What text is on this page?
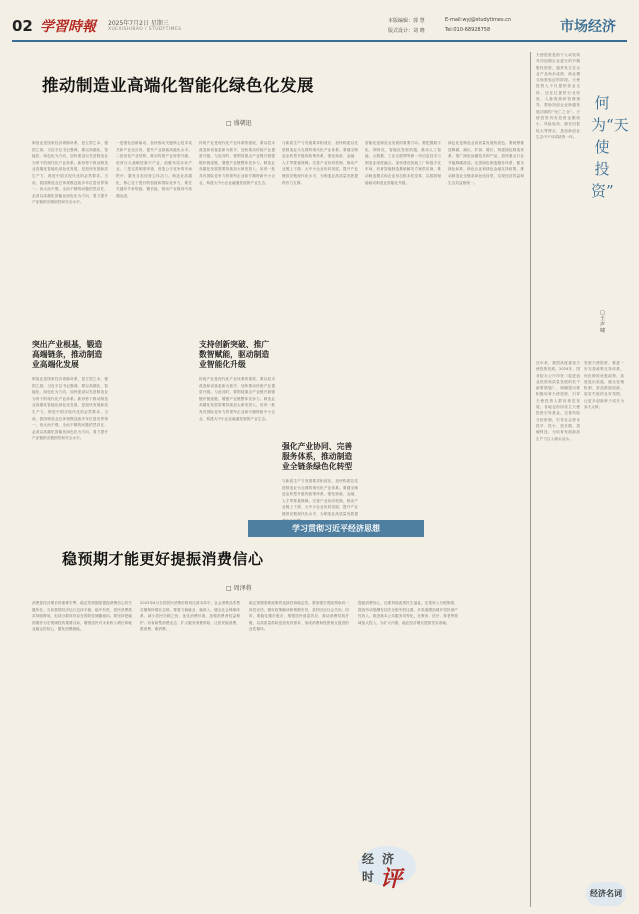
02 学習時報 2025年7月2日 星期三
XUEXISHIBAO / STUDYTIMES
本版编辑：郭 慧
版式设计：刘 晓
E-mail:wyj@studytimes.cn
Tel:010-68928758	市场经济
推动制造业高端化智能化绿色化发展
□ 盛朝迅
制造业是国家经济命脉所系，是立国之本、强国之基。习近平总书记强调，要以高端化、智能化、绿色化为方向，加快建设以先进制造业为骨干的现代化产业体系。新形势下推动制造业高端化智能化绿色化发展，是加快发展新质生产力、推进中国式现代化的必然要求。当前，我国制造业总体规模连续多年位居世界第一，但大而不强、全而不精的问题依然存在，必须以高端化智能化绿色化为方向，着力提升产业链供应链韧性和安全水平。
突出产业根基，锻造高端链条，推动制造业高端化发展
制造业是国家经济命脉所系，是立国之本、强国之基。习近平总书记强调，要以高端化、智能化、绿色化为方向，加快建设以先进制造业为骨干的现代化产业体系。新形势下推动制造业高端化智能化绿色化发展，是加快发展新质生产力、推进中国式现代化的必然要求。当前，我国制造业总体规模连续多年位居世界第一，但大而不强、全而不精的问题依然存在，必须以高端化智能化绿色化为方向，着力提升产业链供应链韧性和安全水平。
一是强化创新驱动，加快推动关键核心技术攻关和产业化应用，提升产业基础高级化水平。二是优化产业结构，推动传统产业转型升级，培育壮大战略性新兴产业，前瞻布局未来产业。三是完善制度环境，营造公平竞争的市场秩序，激发各类经营主体活力。制造业高端化，核心在于提升附加值和国际竞争力，要在关键环节补短板、锻长板，推动产业链向中高端迈进。
传统产业是现代化产业体系的基底，要以技术改造和设备更新为抓手，加快推动传统产业提质升级。与此同时，要围绕重点产业链开展强链补链延链，增强产业链整体竞争力。制造业高端化发展需要持续加大研发投入，培育一批具有国际竞争力的领军企业和专精特新中小企业，构建大中小企业融通发展的产业生态。
支持创新突破、推广数智赋能，驱动制造业智能化升级
传统产业是现代化产业体系的基底，要以技术改造和设备更新为抓手，加快推动传统产业提质升级。与此同时，要围绕重点产业链开展强链补链延链，增强产业链整体竞争力。制造业高端化发展需要持续加大研发投入，培育一批具有国际竞争力的领军企业和专精特新中小企业，构建大中小企业融通发展的产业生态。
与新质生产力发展要求相适应，加快构建以先进制造业为支撑的现代化产业体系。要健全制造业转型升级的政策体系，强化财政、金融、人才等要素保障。完善产业协同机制，推动产业链上下游、大中小企业协同发展，提升产业链供应链现代化水平，为制造业高质量发展提供有力支撑。
强化产业协同、完善服务体系，推动制造业全链条绿色化转型
与新质生产力发展要求相适应，加快构建以先进制造业为支撑的现代化产业体系。要健全制造业转型升级的政策体系，强化财政、金融、人才等要素保障。完善产业协同机制，推动产业链上下游、大中小企业协同发展，提升产业链供应链现代化水平，为制造业高质量发展提
智能化是制造业发展的重要方向。要把握数字化、网络化、智能化发展机遇，推动人工智能、大数据、工业互联网等新一代信息技术与制造业深度融合。加快建设智能工厂和数字化车间，培育智能制造系统解决方案供应商，推动制造模式和企业形态根本性变革，以数智赋能驱动制造业智能化升级。
绿色化是制造业高质量发展的底色。要统筹推进降碳、减污、扩绿、增长，构建绿色制造体系，推广绿色低碳技术和产品，加快重点行业节能降碳改造。完善绿色制造服务体系，健全绿色标准、绿色认证和绿色金融支持政策，推动制造业全链条绿色化转型，实现经济效益和生态效益相统一。
学习贯彻习近平经济思想
稳预期才能更好提振消费信心
□ 周泽将
消费是经济增长的重要引擎，稳定的预期是提振消费信心的关键所在。当前我国经济运行总体平稳、稳中有进，居民消费需求持续释放，但部分群体仍存在预防性储蓄倾向。要坚持把稳预期作为宏观调控的重要目标，增强居民对未来收入增长和就业稳定的信心，激发消费潜能。
2025年6月全国居民消费价格同比基本持平，社会消费品零售总额保持增长态势。要着力稳就业、稳收入，健全社会保障体系，减少居民后顾之忧；优化消费环境，加强消费者权益保护；培育新型消费业态，扩大服务消费供给，让居民能消费、愿消费、敢消费。
稳定预期需要政策的连续性和稳定性。要加强宏观政策取向一致性评估，做好政策解读和预期引导，及时回应社会关切。同时，要稳住楼市股市，增强居民财富效应，推动消费结构升级，以高质量供给创造有效需求，形成消费和投资相互促进的良性循环。
提振消费信心，还要持续改善民生福祉。完善收入分配制度，提高劳动报酬在初次分配中的比重，多渠道增加城乡居民财产性收入。推进基本公共服务均等化，在教育、医疗、养老等领域加大投入，为扩大内需、稳定经济增长提供坚实基础。
经 济
时 评
天使投资是指个人或机构对初创期企业进行的早期股权投资，通常发生在企业产品尚未成熟、商业模式尚需验证的阶段。天使投资人不仅提供资金支持，还往往提供行业经验、人脉资源和管理指导，帮助初创企业跨越发展初期的“死亡之谷”。天使投资具有投资金额较小、风险较高、潜在回报较大等特点，是创新创业生态中不可或缺的一环。
何为“天使投资”
□ 王声啸
近年来，我国高度重视天使投资发展。2024年，国务院办公厅印发《促进创业投资高质量发展的若干政策措施》，明确提出要积极培育天使投资，引导天使投资人群体规范发展。各地也纷纷设立天使投资引导基金，完善风险分担机制，引导社会资本投早、投小、投长期、投硬科技，为培育发展新质生产力注入源头活水。
发展天使投资，要进一步完善政策支持体系，优化税收优惠政策，拓宽退出渠道，健全容错机制，营造鼓励创新、宽容失败的良好氛围，让更多创新种子成长为参天大树。
经济名词
